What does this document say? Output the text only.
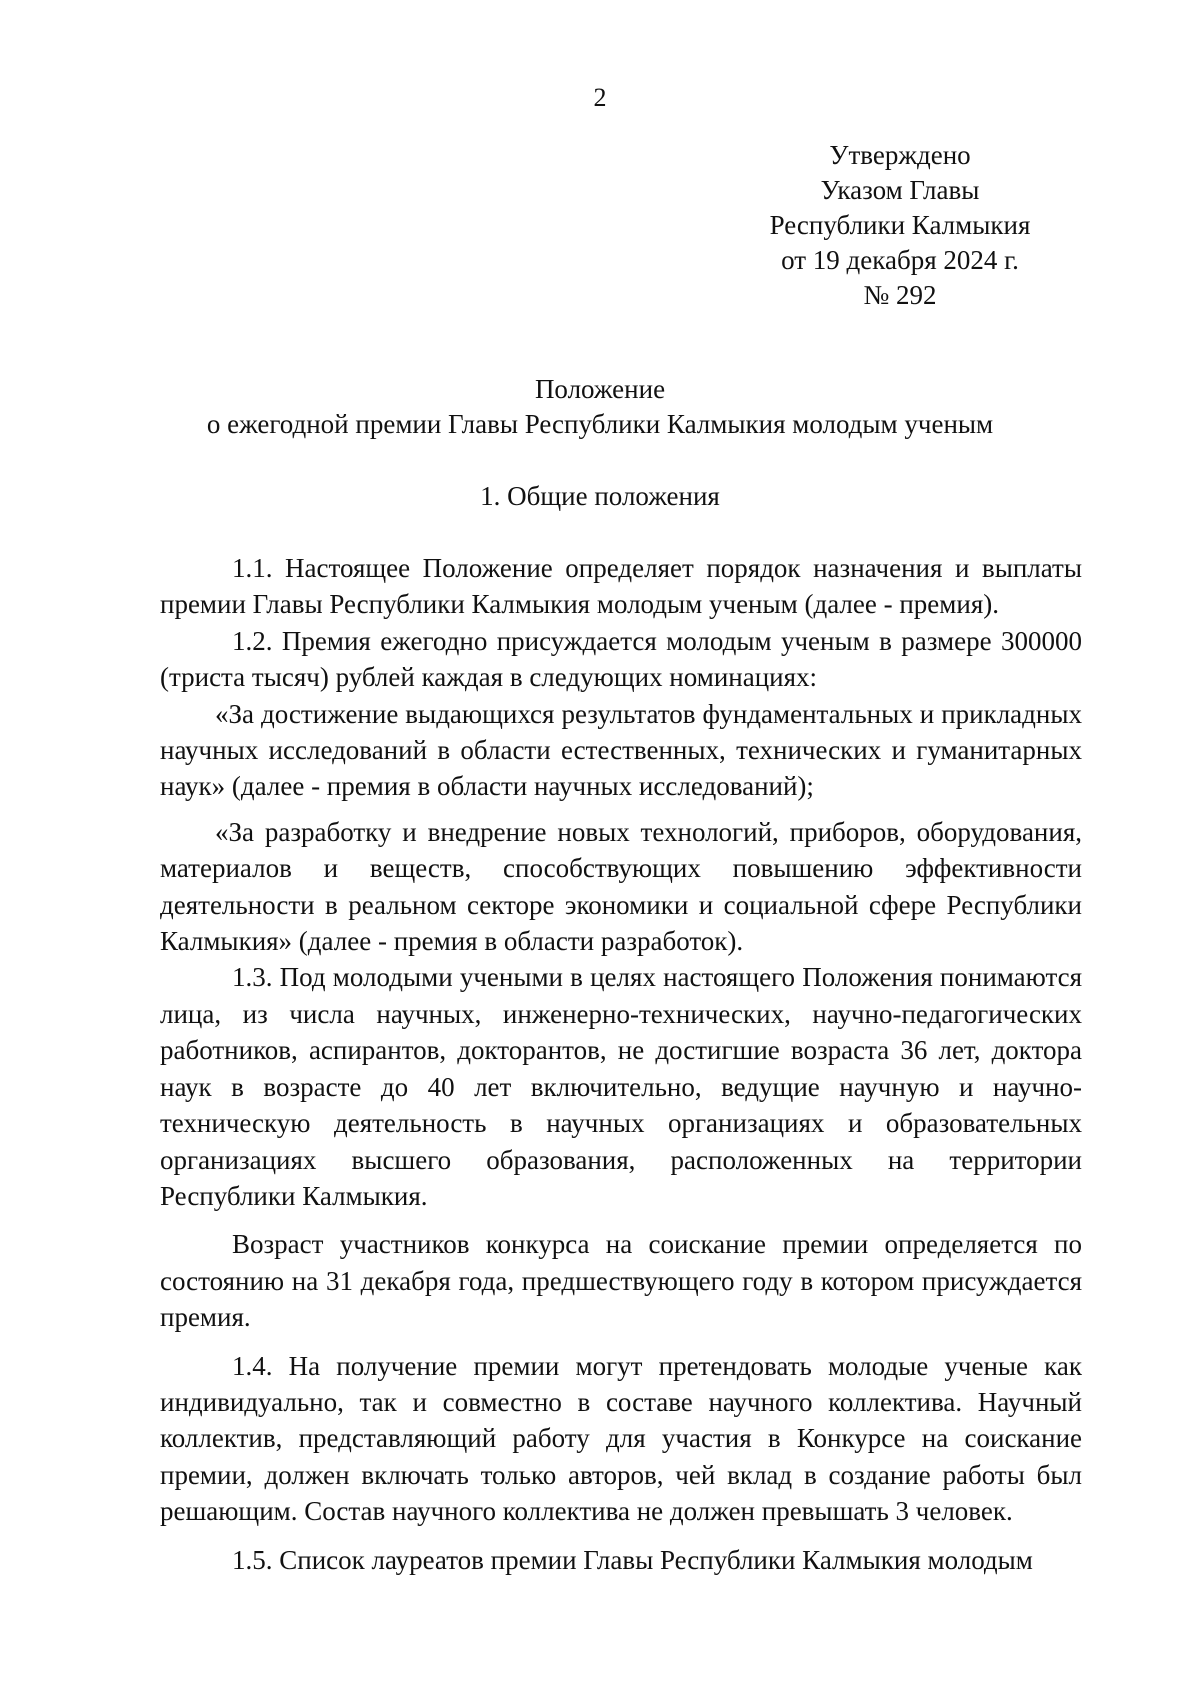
2
Утверждено
Указом Главы
Республики Калмыкия
от 19 декабря 2024 г.
№ 292
Положение
о ежегодной премии Главы Республики Калмыкия молодым ученым
1. Общие положения

1.1. Настоящее Положение определяет порядок назначения и выплаты премии Главы Республики Калмыкия молодым ученым (далее - премия).

1.2. Премия ежегодно присуждается молодым ученым в размере 300000 (триста тысяч) рублей каждая в следующих номинациях:

«За достижение выдающихся результатов фундаментальных и прикладных научных исследований в области естественных, технических и гуманитарных наук» (далее - премия в области научных исследований);

«За разработку и внедрение новых технологий, приборов, оборудования, материалов и веществ, способствующих повышению эффективности деятельности в реальном секторе экономики и социальной сфере Республики Калмыкия» (далее - премия в области разработок).

1.3. Под молодыми учеными в целях настоящего Положения понимаются лица, из числа научных, инженерно-технических, научно-педагогических работников, аспирантов, докторантов, не достигшие возраста 36 лет, доктора наук в возрасте до 40 лет включительно, ведущие научную и научно-техническую деятельность в научных организациях и образовательных организациях высшего образования, расположенных на территории Республики Калмыкия.

Возраст участников конкурса на соискание премии определяется по состоянию на 31 декабря года, предшествующего году в котором присуждается премия.

1.4. На получение премии могут претендовать молодые ученые как индивидуально, так и совместно в составе научного коллектива. Научный коллектив, представляющий работу для участия в Конкурсе на соискание премии, должен включать только авторов, чей вклад в создание работы был решающим. Состав научного коллектива не должен превышать 3 человек.

1.5. Список лауреатов премии Главы Республики Калмыкия молодым
